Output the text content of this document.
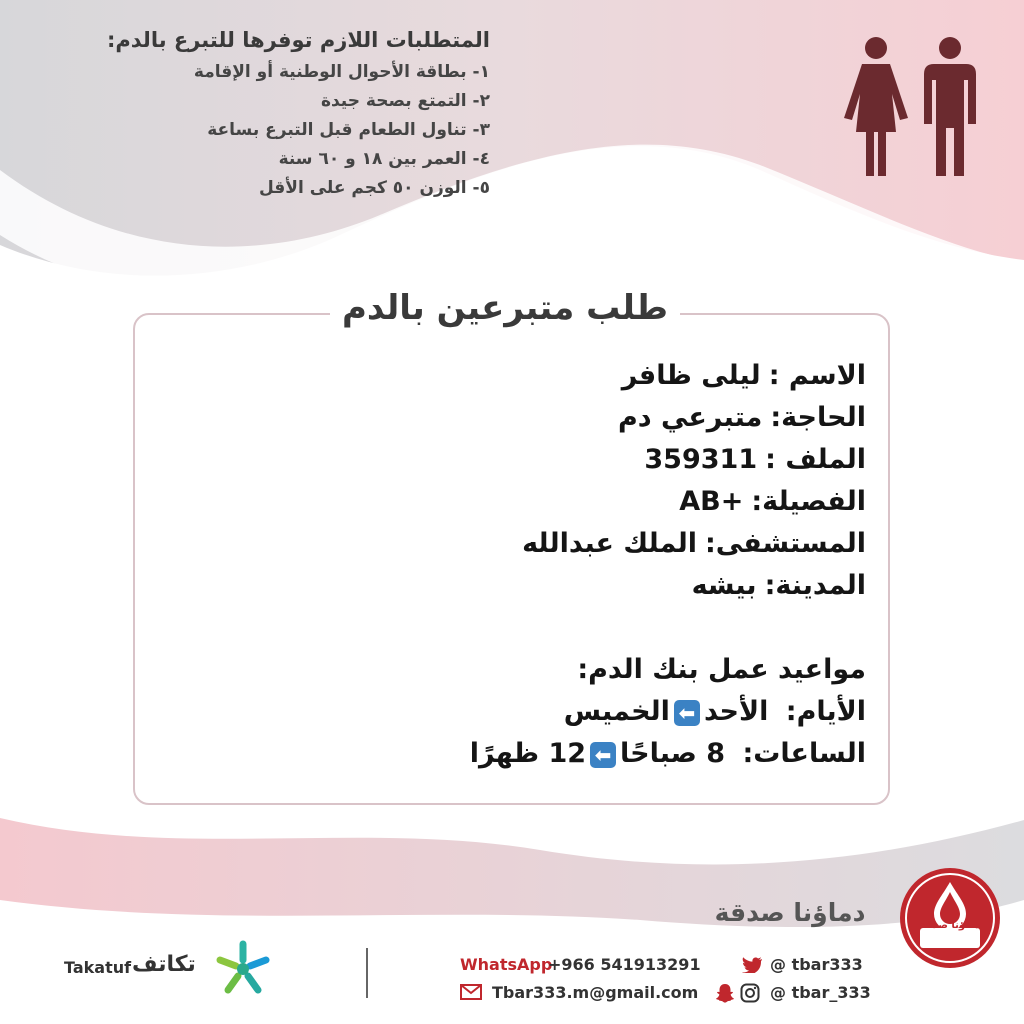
المتطلبات اللازم توفرها للتبرع بالدم:
١- بطاقة الأحوال الوطنية أو الإقامة
٢- التمتع بصحة جيدة
٣- تناول الطعام قبل التبرع بساعة
٤- العمر بين ١٨ و ٦٠ سنة
٥- الوزن ٥٠ كجم على الأقل
طلب متبرعين بالدم
الاسم :ليلى ظافر
الحاجة:متبرعي دم
الملف :359311
الفصيلة:AB+
المستشفى:الملك عبدالله
المدينة:بيشه
مواعيد عمل بنك الدم:
الأيام: الأحد⬅الخميس
الساعات: 8 صباحًا⬅12 ظهرًا
دماؤنا صدقة	دماؤنا صدقة
Takatuf تكاتف	WhatsApp
+966 541913291
Tbar333.m@gmail.com
@ tbar333
@ tbar_333
